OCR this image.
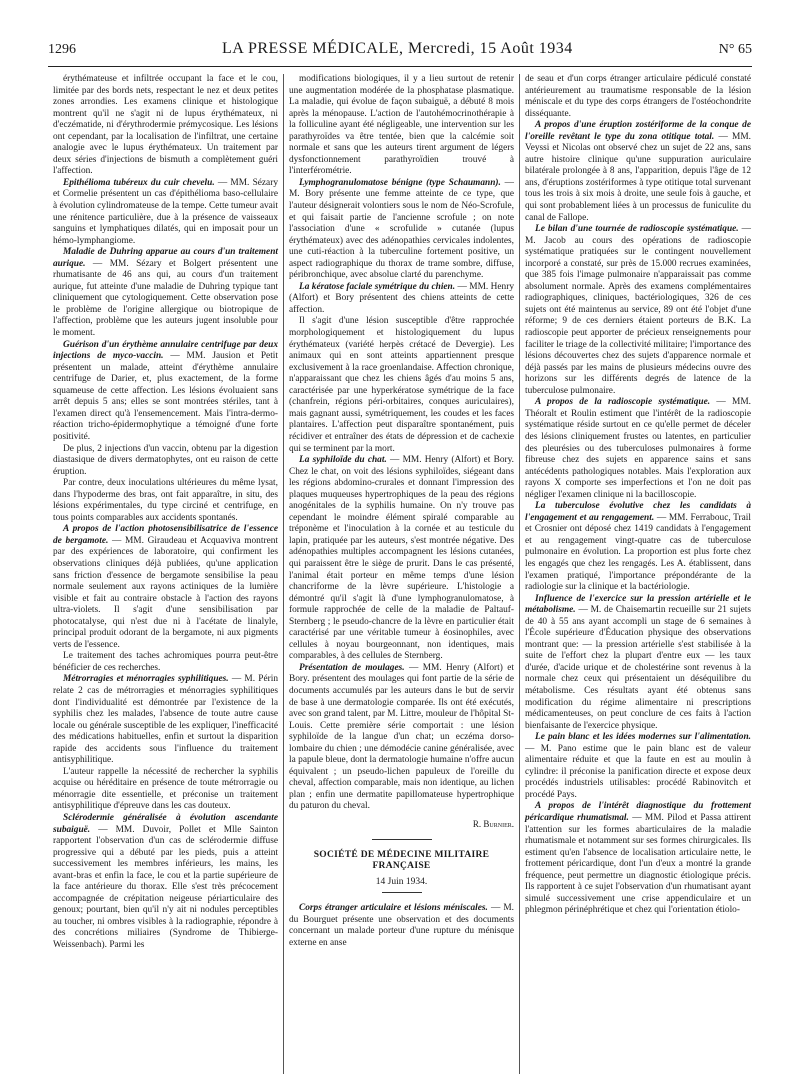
1296	LA PRESSE MÉDICALE, Mercredi, 15 Août 1934	N° 65

érythémateuse et infiltrée occupant la face et le cou, limitée par des bords nets, respectant le nez et deux petites zones arrondies. Les examens clinique et histologique montrent qu'il ne s'agit ni de lupus érythémateux, ni d'eczématide, ni d'érythrodermie prémycosique. Les lésions ont cependant, par la localisation de l'infiltrat, une certaine analogie avec le lupus érythémateux. Un traitement par deux séries d'injections de bismuth a complètement guéri l'affection.

Epithélioma tubéreux du cuir chevelu. — MM. Sézary et Cormelie présentent un cas d'épithélioma baso-cellulaire à évolution cylindromateuse de la tempe. Cette tumeur avait une rénitence particulière, due à la présence de vaisseaux sanguins et lymphatiques dilatés, qui en imposait pour un hémo-lymphangiome.

Maladie de Duhring apparue au cours d'un traitement aurique. — MM. Sézary et Bolgert présentent une rhumatisante de 46 ans qui, au cours d'un traitement aurique, fut atteinte d'une maladie de Duhring typique tant cliniquement que cytologiquement. Cette observation pose le problème de l'origine allergique ou biotropique de l'affection, problème que les auteurs jugent insoluble pour le moment.

Guérison d'un érythème annulaire centrifuge par deux injections de myco-vaccin. — MM. Jausion et Petit présentent un malade, atteint d'érythème annulaire centrifuge de Darier, et, plus exactement, de la forme squameuse de cette affection. Les lésions évoluaient sans arrêt depuis 5 ans; elles se sont montrées stériles, tant à l'examen direct qu'à l'ensemencement. Mais l'intra-dermo-réaction tricho-épidermophytique a témoigné d'une forte positivité.

De plus, 2 injections d'un vaccin, obtenu par la digestion diastasique de divers dermatophytes, ont eu raison de cette éruption.

Par contre, deux inoculations ultérieures du même lysat, dans l'hypoderme des bras, ont fait apparaître, in situ, des lésions expérimentales, du type circiné et centrifuge, en tous points comparables aux accidents spontanés.

A propos de l'action photosensibilisatrice de l'essence de bergamote. — MM. Giraudeau et Acquaviva montrent par des expériences de laboratoire, qui confirment les observations cliniques déjà publiées, qu'une application sans friction d'essence de bergamote sensibilise la peau normale seulement aux rayons actiniques de la lumière visible et fait au contraire obstacle à l'action des rayons ultra-violets. Il s'agit d'une sensibilisation par photocatalyse, qui n'est due ni à l'acétate de linalyle, principal produit odorant de la bergamote, ni aux pigments verts de l'essence.

Le traitement des taches achromiques pourra peut-être bénéficier de ces recherches.

Métrorragies et ménorragies syphilitiques. — M. Périn relate 2 cas de métrorragies et ménorragies syphilitiques dont l'individualité est démontrée par l'existence de la syphilis chez les malades, l'absence de toute autre cause locale ou générale susceptible de les expliquer, l'inefficacité des médications habituelles, enfin et surtout la disparition rapide des accidents sous l'influence du traitement antisyphilitique.

L'auteur rappelle la nécessité de rechercher la syphilis acquise ou héréditaire en présence de toute métrorragie ou ménorragie dite essentielle, et préconise un traitement antisyphilitique d'épreuve dans les cas douteux.

Sclérodermie généralisée à évolution ascendante subaiguë. — MM. Duvoir, Pollet et Mlle Sainton rapportent l'observation d'un cas de sclérodermie diffuse progressive qui a débuté par les pieds, puis a atteint successivement les membres inférieurs, les mains, les avant-bras et enfin la face, le cou et la partie supérieure de la face antérieure du thorax. Elle s'est très précocement accompagnée de crépitation neigeuse périarticulaire des genoux; pourtant, bien qu'il n'y ait ni nodules perceptibles au toucher, ni ombres visibles à la radiographie, répondre à des concrétions miliaires (Syndrome de Thibierge-Weissenbach). Parmi les

modifications biologiques, il y a lieu surtout de retenir une augmentation modérée de la phosphatase plasmatique. La maladie, qui évolue de façon subaiguë, a débuté 8 mois après la ménopause. L'action de l'autohémocrinothérapie à la folliculine ayant été négligeable, une intervention sur les parathyroïdes va être tentée, bien que la calcémie soit normale et sans que les auteurs tirent argument de légers dysfonctionnement parathyroïdien trouvé à l'interférométrie.

Lymphogranulomatose bénigne (type Schaumann). — M. Bory présente une femme atteinte de ce type, que l'auteur désignerait volontiers sous le nom de Néo-Scrofule, et qui faisait partie de l'ancienne scrofule ; on note l'association d'une « scrofulide » cutanée (lupus érythémateux) avec des adénopathies cervicales indolentes, une cuti-réaction à la tuberculine fortement positive, un aspect radiographique du thorax de trame sombre, diffuse, péribronchique, avec absolue clarté du parenchyme.

La kératose faciale symétrique du chien. — MM. Henry (Alfort) et Bory présentent des chiens atteints de cette affection.

Il s'agit d'une lésion susceptible d'être rapprochée morphologiquement et histologiquement du lupus érythémateux (variété herpès crétacé de Devergie). Les animaux qui en sont atteints appartiennent presque exclusivement à la race groenlandaise. Affection chronique, n'apparaissant que chez les chiens âgés d'au moins 5 ans, caractérisée par une hyperkératose symétrique de la face (chanfrein, régions péri-orbitaires, conques auriculaires), mais gagnant aussi, symétriquement, les coudes et les faces plantaires. L'affection peut disparaître spontanément, puis récidiver et entraîner des états de dépression et de cachexie qui se terminent par la mort.

La syphiloïde du chat. — MM. Henry (Alfort) et Bory. Chez le chat, on voit des lésions syphiloïdes, siégeant dans les régions abdomino-crurales et donnant l'impression des plaques muqueuses hypertrophiques de la peau des régions anogénitales de la syphilis humaine. On n'y trouve pas cependant le moindre élément spiralé comparable au tréponème et l'inoculation à la cornée et au testicule du lapin, pratiquée par les auteurs, s'est montrée négative. Des adénopathies multiples accompagnent les lésions cutanées, qui paraissent être le siège de prurit. Dans le cas présenté, l'animal était porteur en même temps d'une lésion chancriforme de la lèvre supérieure. L'histologie a démontré qu'il s'agit là d'une lymphogranulomatose, à formule rapprochée de celle de la maladie de Paltauf-Sternberg ; le pseudo-chancre de la lèvre en particulier était caractérisé par une véritable tumeur à éosinophiles, avec cellules à noyau bourgeonnant, non identiques, mais comparables, à des cellules de Sternberg.

Présentation de moulages. — MM. Henry (Alfort) et Bory. présentent des moulages qui font partie de la série de documents accumulés par les auteurs dans le but de servir de base à une dermatologie comparée. Ils ont été exécutés, avec son grand talent, par M. Littre, mouleur de l'hôpital St-Louis. Cette première série comportait : une lésion syphiloïde de la langue d'un chat; un eczéma dorso-lombaire du chien ; une démodécie canine généralisée, avec la papule bleue, dont la dermatologie humaine n'offre aucun équivalent ; un pseudo-lichen papuleux de l'oreille du cheval, affection comparable, mais non identique, au lichen plan ; enfin une dermatite papillomateuse hypertrophique du paturon du cheval.

R. Burnier.
SOCIÉTÉ DE MÉDECINE MILITAIRE FRANÇAISE
14 Juin 1934.

Corps étranger articulaire et lésions méniscales. — M. du Bourguet présente une observation et des documents concernant un malade porteur d'une rupture du ménisque externe en anse

de seau et d'un corps étranger articulaire pédiculé constaté antérieurement au traumatisme responsable de la lésion méniscale et du type des corps étrangers de l'ostéochondrite disséquante.

A propos d'une éruption zostériforme de la conque de l'oreille revêtant le type du zona otitique total. — MM. Veyssi et Nicolas ont observé chez un sujet de 22 ans, sans autre histoire clinique qu'une suppuration auriculaire bilatérale prolongée à 8 ans, l'apparition, depuis l'âge de 12 ans, d'éruptions zostériformes à type otitique total survenant tous les trois à six mois à droite, une seule fois à gauche, et qui sont probablement liées à un processus de funiculite du canal de Fallope.

Le bilan d'une tournée de radioscopie systématique. — M. Jacob au cours des opérations de radioscopie systématique pratiquées sur le contingent nouvellement incorporé a constaté, sur près de 15.000 recrues examinées, que 385 fois l'image pulmonaire n'apparaissait pas comme absolument normale. Après des examens complémentaires radiographiques, cliniques, bactériologiques, 326 de ces sujets ont été maintenus au service, 89 ont été l'objet d'une réforme; 9 de ces derniers étaient porteurs de B.K. La radioscopie peut apporter de précieux renseignements pour faciliter le triage de la collectivité militaire; l'importance des lésions découvertes chez des sujets d'apparence normale et déjà passés par les mains de plusieurs médecins ouvre des horizons sur les différents degrés de latence de la tuberculose pulmonaire.

A propos de la radioscopie systématique. — MM. Théoralt et Roulin estiment que l'intérêt de la radioscopie systématique réside surtout en ce qu'elle permet de déceler des lésions cliniquement frustes ou latentes, en particulier des pleurésies ou des tuberculoses pulmonaires à forme fibreuse chez des sujets en apparence sains et sans antécédents pathologiques notables. Mais l'exploration aux rayons X comporte ses imperfections et l'on ne doit pas négliger l'examen clinique ni la bacilloscopie.

La tuberculose évolutive chez les candidats à l'engagement et au rengagement. — MM. Ferrabouc, Trail et Crosnier ont déposé chez 1419 candidats à l'engagement et au rengagement vingt-quatre cas de tuberculose pulmonaire en évolution. La proportion est plus forte chez les engagés que chez les rengagés. Les A. établissent, dans l'examen pratiqué, l'importance prépondérante de la radiologie sur la clinique et la bactériologie.

Influence de l'exercice sur la pression artérielle et le métabolisme. — M. de Chaisemartin recueille sur 21 sujets de 40 à 55 ans ayant accompli un stage de 6 semaines à l'École supérieure d'Éducation physique des observations montrant que: — la pression artérielle s'est stabilisée à la suite de l'effort chez la plupart d'entre eux — les taux d'urée, d'acide urique et de cholestérine sont revenus à la normale chez ceux qui présentaient un déséquilibre du métabolisme. Ces résultats ayant été obtenus sans modification du régime alimentaire ni prescriptions médicamenteuses, on peut conclure de ces faits à l'action bienfaisante de l'exercice physique.

Le pain blanc et les idées modernes sur l'alimentation. — M. Pano estime que le pain blanc est de valeur alimentaire réduite et que la faute en est au moulin à cylindre: il préconise la panification directe et expose deux procédés industriels utilisables: procédé Rabinovitch et procédé Pays.

A propos de l'intérêt diagnostique du frottement péricardique rhumatismal. — MM. Pilod et Passa attirent l'attention sur les formes abarticulaires de la maladie rhumatismale et notamment sur ses formes chirurgicales. Ils estiment qu'en l'absence de localisation articulaire nette, le frottement péricardique, dont l'un d'eux a montré la grande fréquence, peut permettre un diagnostic étiologique précis. Ils rapportent à ce sujet l'observation d'un rhumatisant ayant simulé successivement une crise appendiculaire et un phlegmon périnéphrétique et chez qui l'orientation étiolo-
